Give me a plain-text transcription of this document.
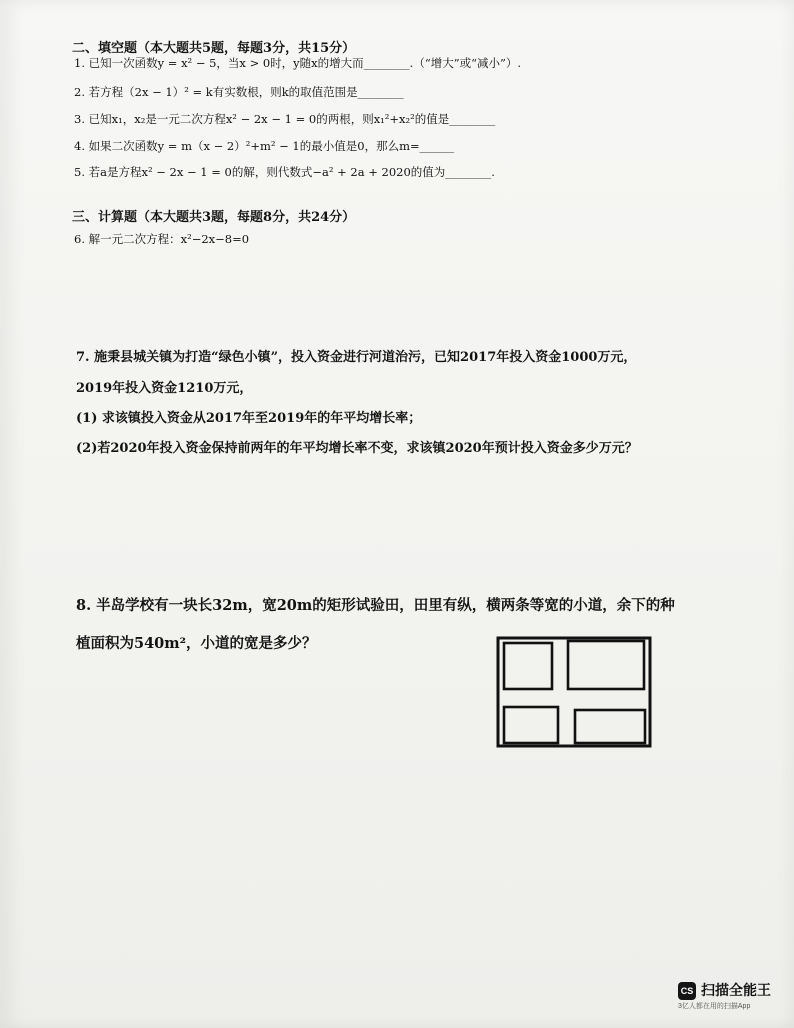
二、填空题（本大题共5题，每题3分，共15分）
1. 已知一次函数y = x² − 5，当x > 0时，y随x的增大而________.（“增大”或“减小”）.
2. 若方程（2x − 1）² = k有实数根，则k的取值范围是________
3. 已知x₁，x₂是一元二次方程x² − 2x − 1 = 0的两根，则x₁²+x₂²的值是________
4. 如果二次函数y = m（x − 2）²+m² − 1的最小值是0，那么m=______
5. 若a是方程x² − 2x − 1 = 0的解，则代数式−a² + 2a + 2020的值为________.
三、计算题（本大题共3题，每题8分，共24分）
6. 解一元二次方程：x²−2x−8=0
7. 施秉县城关镇为打造“绿色小镇”，投入资金进行河道治污，已知2017年投入资金1000万元，
2019年投入资金1210万元，
(1) 求该镇投入资金从2017年至2019年的年平均增长率；
(2)若2020年投入资金保持前两年的年平均增长率不变，求该镇2020年预计投入资金多少万元？
8. 半岛学校有一块长32m，宽20m的矩形试验田，田里有纵，横两条等宽的小道，余下的种
植面积为540m²，小道的宽是多少？
CS 扫描全能王
3亿人都在用的扫描App
